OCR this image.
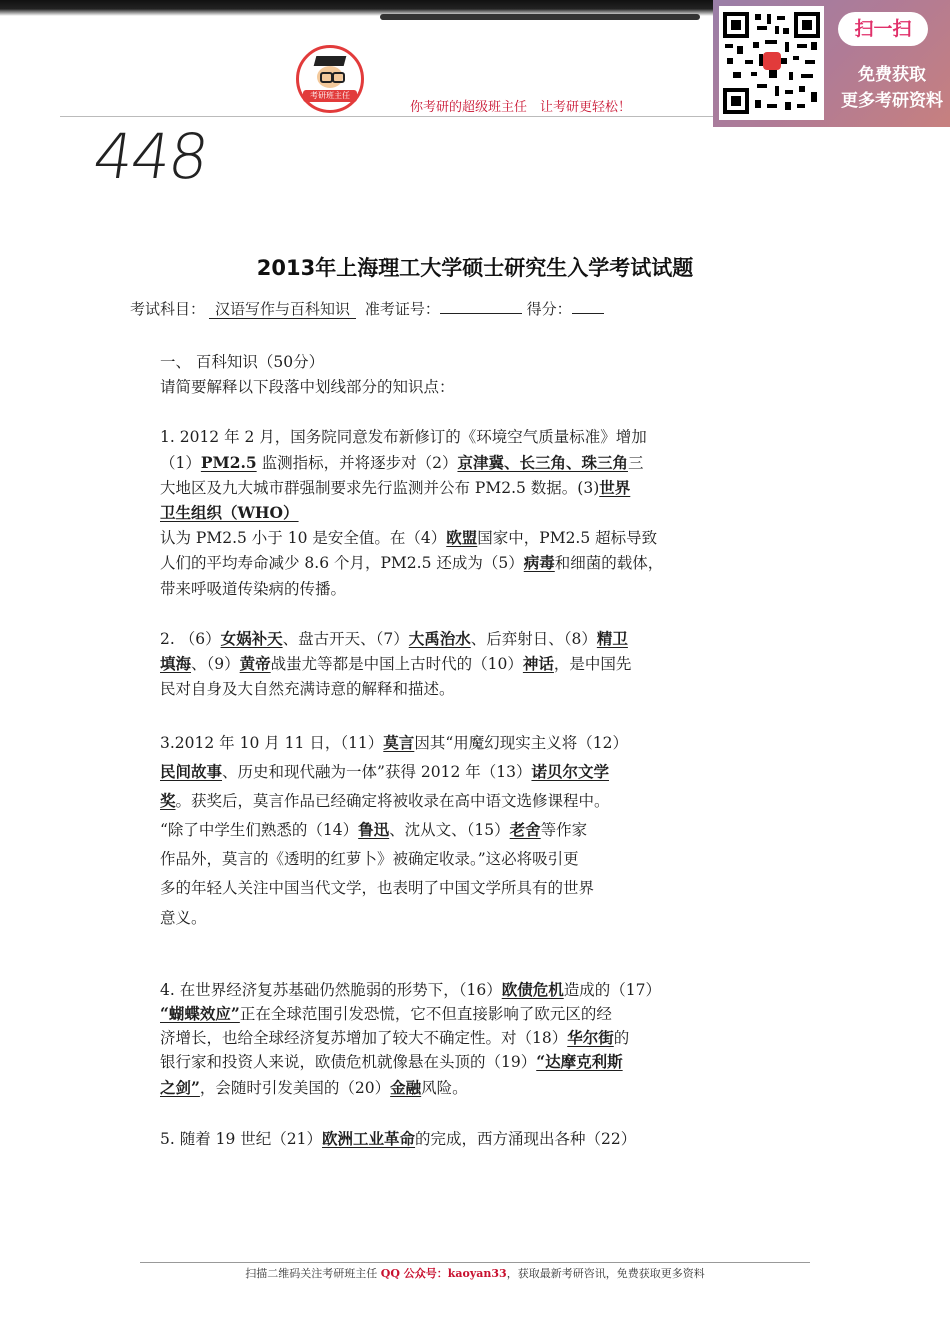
考研班主任
你考研的超级班主任　让考研更轻松！
扫一扫
免费获取
更多考研资料
448
2013年上海理工大学硕士研究生入学考试试题
考试科目： 汉语写作与百科知识 准考证号：	得分：
一、 百科知识（50分）
请简要解释以下段落中划线部分的知识点：
1. 2012 年 2 月，国务院同意发布新修订的《环境空气质量标准》增加
（1）PM2.5 监测指标，并将逐步对（2）京津冀、长三角、珠三角三
大地区及九大城市群强制要求先行监测并公布 PM2.5 数据。(3)世界
卫生组织（WHO）
认为 PM2.5 小于 10 是安全值。在（4）欧盟国家中，PM2.5 超标导致
人们的平均寿命减少 8.6 个月，PM2.5 还成为（5）病毒和细菌的载体，
带来呼吸道传染病的传播。
2. （6）女娲补天、盘古开天、（7）大禹治水、后弈射日、（8）精卫
填海、（9）黄帝战蚩尤等都是中国上古时代的（10）神话，是中国先
民对自身及大自然充满诗意的解释和描述。
3.2012 年 10 月 11 日，（11）莫言因其“用魔幻现实主义将（12）
民间故事、历史和现代融为一体”获得 2012 年（13）诺贝尔文学
奖。获奖后，莫言作品已经确定将被收录在高中语文选修课程中。
“除了中学生们熟悉的（14）鲁迅、沈从文、（15）老舍等作家
作品外，莫言的《透明的红萝卜》被确定收录。”这必将吸引更
多的年轻人关注中国当代文学，也表明了中国文学所具有的世界
意义。
4. 在世界经济复苏基础仍然脆弱的形势下，（16）欧债危机造成的（17）
“蝴蝶效应”正在全球范围引发恐慌，它不但直接影响了欧元区的经
济增长，也给全球经济复苏增加了较大不确定性。对（18）华尔街的
银行家和投资人来说，欧债危机就像悬在头顶的（19）“达摩克利斯
之剑”，会随时引发美国的（20）金融风险。
5. 随着 19 世纪（21）欧洲工业革命的完成，西方涌现出各种（22）
扫描二维码关注考研班主任 QQ 公众号：kaoyan33，获取最新考研咨讯，免费获取更多资料
